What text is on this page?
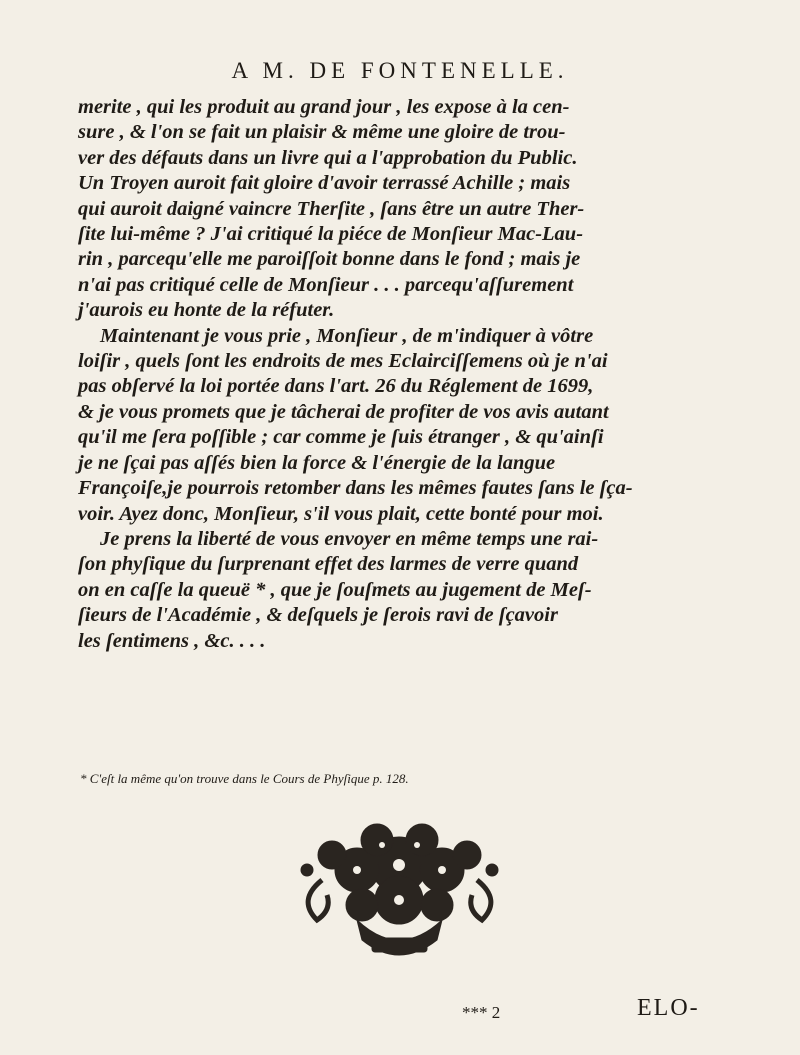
A M. DE FONTENELLE.
merite , qui les produit au grand jour , les expose à la cen-
sure , & l'on se fait un plaisir & même une gloire de trou-
ver des défauts dans un livre qui a l'approbation du Public.
Un Troyen auroit fait gloire d'avoir terrassé Achille ; mais
qui auroit daigné vaincre Therſite , ſans être un autre Ther-
ſite lui-même ? J'ai critiqué la piéce de Monſieur Mac-Lau-
rin , parcequ'elle me paroiſſoit bonne dans le fond ; mais je
n'ai pas critiqué celle de Monſieur . . . parcequ'aſſurement
j'aurois eu honte de la réfuter.
Maintenant je vous prie , Monſieur , de m'indiquer à vôtre
loiſir , quels ſont les endroits de mes Eclairciſſemens où je n'ai
pas obſervé la loi portée dans l'art. 26 du Réglement de 1699,
& je vous promets que je tâcherai de profiter de vos avis autant
qu'il me ſera poſſible ; car comme je ſuis étranger , & qu'ainſi
je ne ſçai pas aſſés bien la force & l'énergie de la langue
Françoiſe,je pourrois retomber dans les mêmes fautes ſans le ſça-
voir. Ayez donc, Monſieur, s'il vous plait, cette bonté pour moi.
Je prens la liberté de vous envoyer en même temps une rai-
ſon phyſique du ſurprenant effet des larmes de verre quand
on en caſſe la queuë * , que je ſouſmets au jugement de Meſ-
ſieurs de l'Académie , & deſquels je ſerois ravi de ſçavoir
les ſentimens , &c. . . .
* C'eſt la même qu'on trouve dans le Cours de Phyſique p. 128.
*** 2	ELO-
